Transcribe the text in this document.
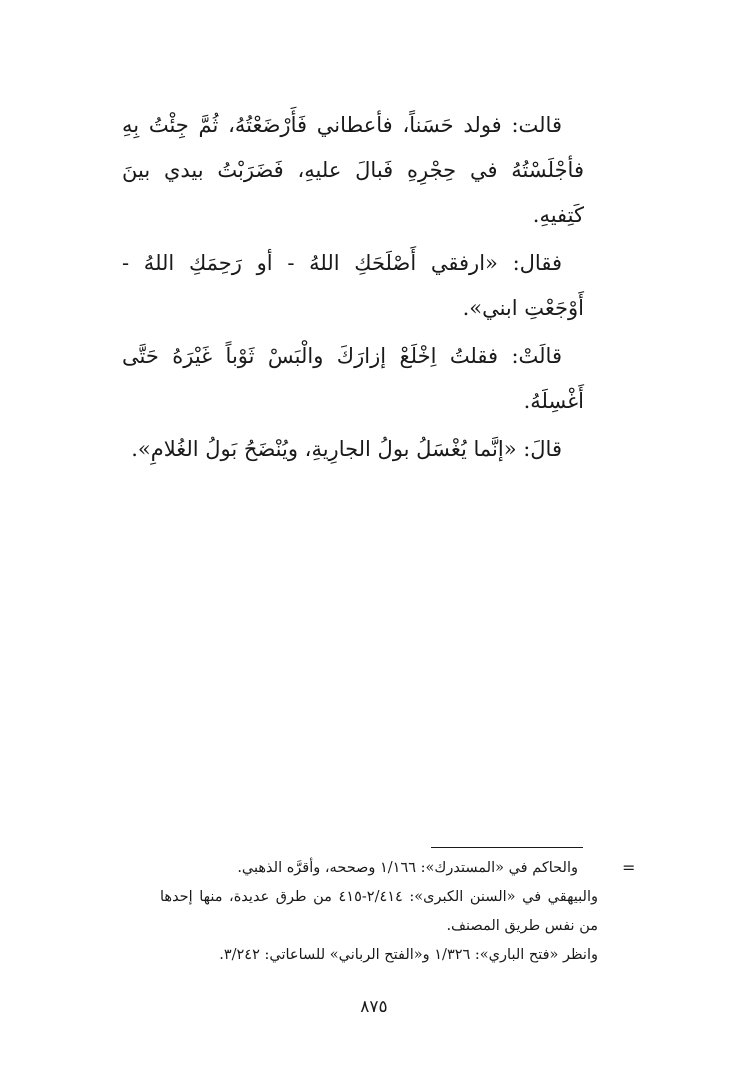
قالت: فولد حَسَناً، فأعطاني فَأَرْضَعْتُهُ، ثُمَّ جِئْتُ بِهِ فأجْلَسْتُهُ في حِجْرِهِ فَبالَ عليهِ، فَضَرَبْتُ بيدي بينَ كَتِفيهِ.

فقال: «ارفقي أَصْلَحَكِ اللهُ - أو رَحِمَكِ اللهُ - أَوْجَعْتِ ابني».

قالَتْ: فقلتُ اِخْلَعْ إزارَكَ والْبَسْ ثَوْباً غَيْرَهُ حَتَّى أَغْسِلَهُ.

قالَ: «إنَّما يُغْسَلُ بولُ الجارِيةِ، ويُنْضَحُ بَولُ الغُلامِ».

=

والحاكم في «المستدرك»: ١/١٦٦ وصححه، وأقرَّه الذهبي.

والبيهقي في «السنن الكبرى»: ٢/٤١٤-٤١٥ من طرق عديدة، منها إحدها من نفس طريق المصنف.

وانظر «فتح الباري»: ١/٣٢٦ و«الفتح الرباني» للساعاتي: ٣/٢٤٢.

٨٧٥
